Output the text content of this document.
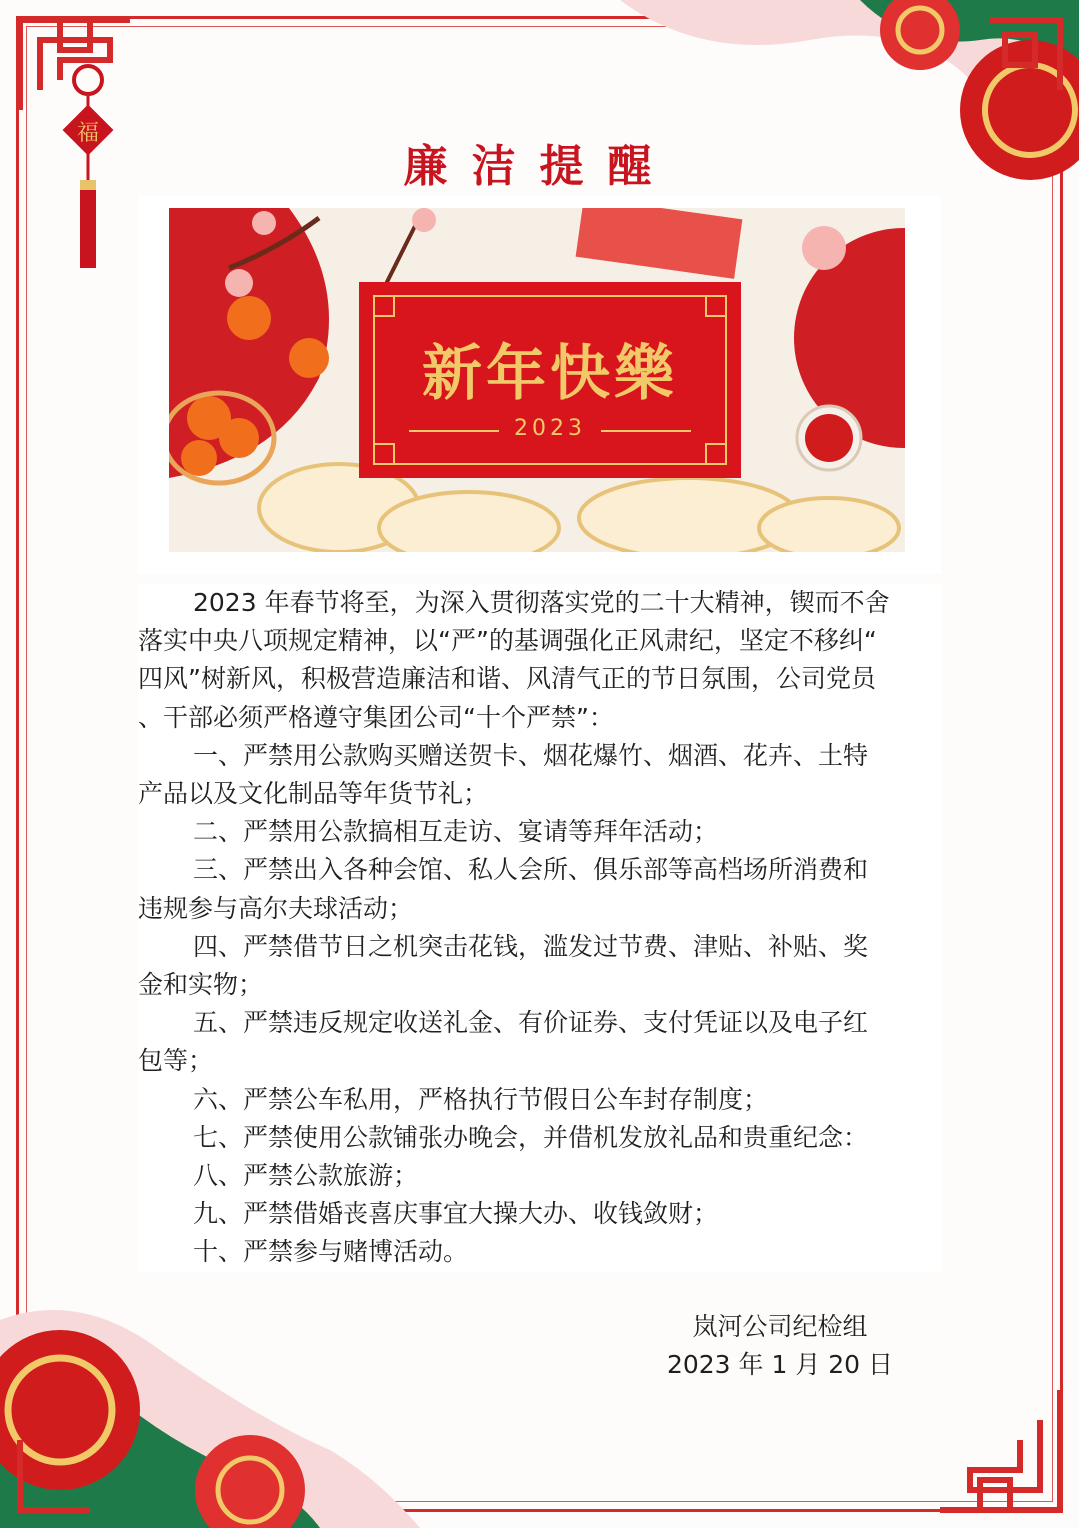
福
廉洁提醒
新年快樂
2023
2023 年春节将至，为深入贯彻落实党的二十大精神，锲而不舍
落实中央八项规定精神，以“严”的基调强化正风肃纪，坚定不移纠“
四风”树新风，积极营造廉洁和谐、风清气正的节日氛围，公司党员
、干部必须严格遵守集团公司“十个严禁”：
一、严禁用公款购买赠送贺卡、烟花爆竹、烟酒、花卉、土特
产品以及文化制品等年货节礼；
二、严禁用公款搞相互走访、宴请等拜年活动；
三、严禁出入各种会馆、私人会所、俱乐部等高档场所消费和
违规参与高尔夫球活动；
四、严禁借节日之机突击花钱，滥发过节费、津贴、补贴、奖
金和实物；
五、严禁违反规定收送礼金、有价证券、支付凭证以及电子红
包等；
六、严禁公车私用，严格执行节假日公车封存制度；
七、严禁使用公款铺张办晚会，并借机发放礼品和贵重纪念：
八、严禁公款旅游；
九、严禁借婚丧喜庆事宜大操大办、收钱敛财；
十、严禁参与赌博活动。
岚河公司纪检组
2023 年 1 月 20 日
